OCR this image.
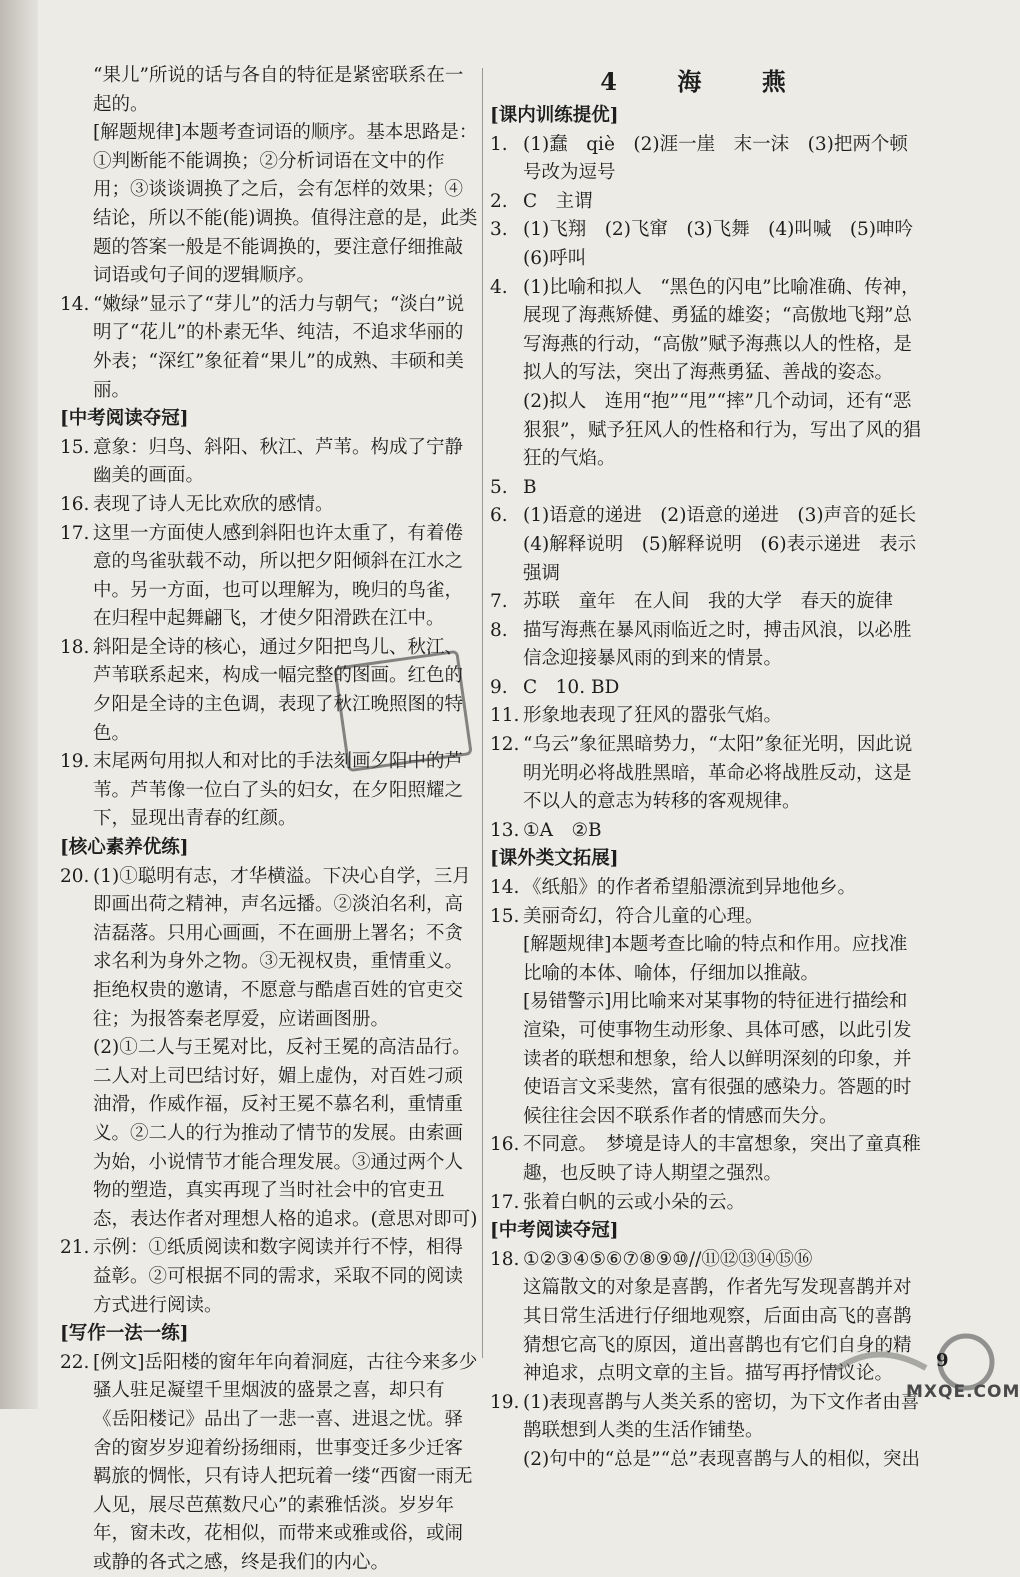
“果儿”所说的话与各自的特征是紧密联系在一起的。
[解题规律]本题考查词语的顺序。基本思路是：①判断能不能调换；②分析词语在文中的作用；③谈谈调换了之后，会有怎样的效果；④结论，所以不能(能)调换。值得注意的是，此类题的答案一般是不能调换的，要注意仔细推敲词语或句子间的逻辑顺序。
14. “嫩绿”显示了“芽儿”的活力与朝气；“淡白”说明了“花儿”的朴素无华、纯洁，不追求华丽的外表；“深红”象征着“果儿”的成熟、丰硕和美丽。
[中考阅读夺冠]
15. 意象：归鸟、斜阳、秋江、芦苇。构成了宁静幽美的画面。
16. 表现了诗人无比欢欣的感情。
17. 这里一方面使人感到斜阳也许太重了，有着倦意的鸟雀驮载不动，所以把夕阳倾斜在江水之中。另一方面，也可以理解为，晚归的鸟雀，在归程中起舞翩飞，才使夕阳滑跌在江中。
18. 斜阳是全诗的核心，通过夕阳把鸟儿、秋江、芦苇联系起来，构成一幅完整的图画。红色的夕阳是全诗的主色调，表现了秋江晚照图的特色。
19. 末尾两句用拟人和对比的手法刻画夕阳中的芦苇。芦苇像一位白了头的妇女，在夕阳照耀之下，显现出青春的红颜。
[核心素养优练]
20. (1)①聪明有志，才华横溢。下决心自学，三月即画出荷之精神，声名远播。②淡泊名利，高洁磊落。只用心画画，不在画册上署名；不贪求名利为身外之物。③无视权贵，重情重义。拒绝权贵的邀请，不愿意与酷虐百姓的官吏交往；为报答秦老厚爱，应诺画图册。
(2)①二人与王冕对比，反衬王冕的高洁品行。二人对上司巴结讨好，媚上虚伪，对百姓刁顽油滑，作威作福，反衬王冕不慕名利，重情重义。②二人的行为推动了情节的发展。由索画为始，小说情节才能合理发展。③通过两个人物的塑造，真实再现了当时社会中的官吏丑态，表达作者对理想人格的追求。(意思对即可)
21. 示例：①纸质阅读和数字阅读并行不悖，相得益彰。②可根据不同的需求，采取不同的阅读方式进行阅读。
[写作一法一练]
22. [例文]岳阳楼的窗年年向着洞庭，古往今来多少骚人驻足凝望千里烟波的盛景之喜，却只有《岳阳楼记》品出了一悲一喜、进退之忧。驿舍的窗岁岁迎着纷扬细雨，世事变迁多少迁客羁旅的惆怅，只有诗人把玩着一缕“西窗一雨无人见，展尽芭蕉数尺心”的素雅恬淡。岁岁年年，窗未改，花相似，而带来或雅或俗，或闹或静的各式之感，终是我们的内心。
4 海 燕
[课内训练提优]
1. (1)蠢　qiè　(2)涯一崖　末一沫　(3)把两个顿号改为逗号
2. C　主谓
3. (1)飞翔　(2)飞窜　(3)飞舞　(4)叫喊　(5)呻吟　(6)呼叫
4. (1)比喻和拟人　“黑色的闪电”比喻准确、传神，展现了海燕矫健、勇猛的雄姿；“高傲地飞翔”总写海燕的行动，“高傲”赋予海燕以人的性格，是拟人的写法，突出了海燕勇猛、善战的姿态。
(2)拟人　连用“抱”“甩”“摔”几个动词，还有“恶狠狠”，赋予狂风人的性格和行为，写出了风的猖狂的气焰。
5. B
6. (1)语意的递进　(2)语意的递进　(3)声音的延长　(4)解释说明　(5)解释说明　(6)表示递进　表示强调
7. 苏联　童年　在人间　我的大学　春天的旋律
8. 描写海燕在暴风雨临近之时，搏击风浪，以必胜信念迎接暴风雨的到来的情景。
9. C　10. BD
11. 形象地表现了狂风的嚣张气焰。
12. “乌云”象征黑暗势力，“太阳”象征光明，因此说明光明必将战胜黑暗，革命必将战胜反动，这是不以人的意志为转移的客观规律。
13. ①A　②B
[课外类文拓展]
14. 《纸船》的作者希望船漂流到异地他乡。
15. 美丽奇幻，符合儿童的心理。
[解题规律]本题考查比喻的特点和作用。应找准比喻的本体、喻体，仔细加以推敲。
[易错警示]用比喻来对某事物的特征进行描绘和渲染，可使事物生动形象、具体可感，以此引发读者的联想和想象，给人以鲜明深刻的印象，并使语言文采斐然，富有很强的感染力。答题的时候往往会因不联系作者的情感而失分。
16. 不同意。　梦境是诗人的丰富想象，突出了童真稚趣，也反映了诗人期望之强烈。
17. 张着白帆的云或小朵的云。
[中考阅读夺冠]
18. ①②③④⑤⑥⑦⑧⑨⑩//⑪⑫⑬⑭⑮⑯
这篇散文的对象是喜鹊，作者先写发现喜鹊并对其日常生活进行仔细地观察，后面由高飞的喜鹊猜想它高飞的原因，道出喜鹊也有它们自身的精神追求，点明文章的主旨。描写再抒情议论。
19. (1)表现喜鹊与人类关系的密切，为下文作者由喜鹊联想到人类的生活作铺垫。
(2)句中的“总是”“总”表现喜鹊与人的相似，突出
MXQE.COM
9
